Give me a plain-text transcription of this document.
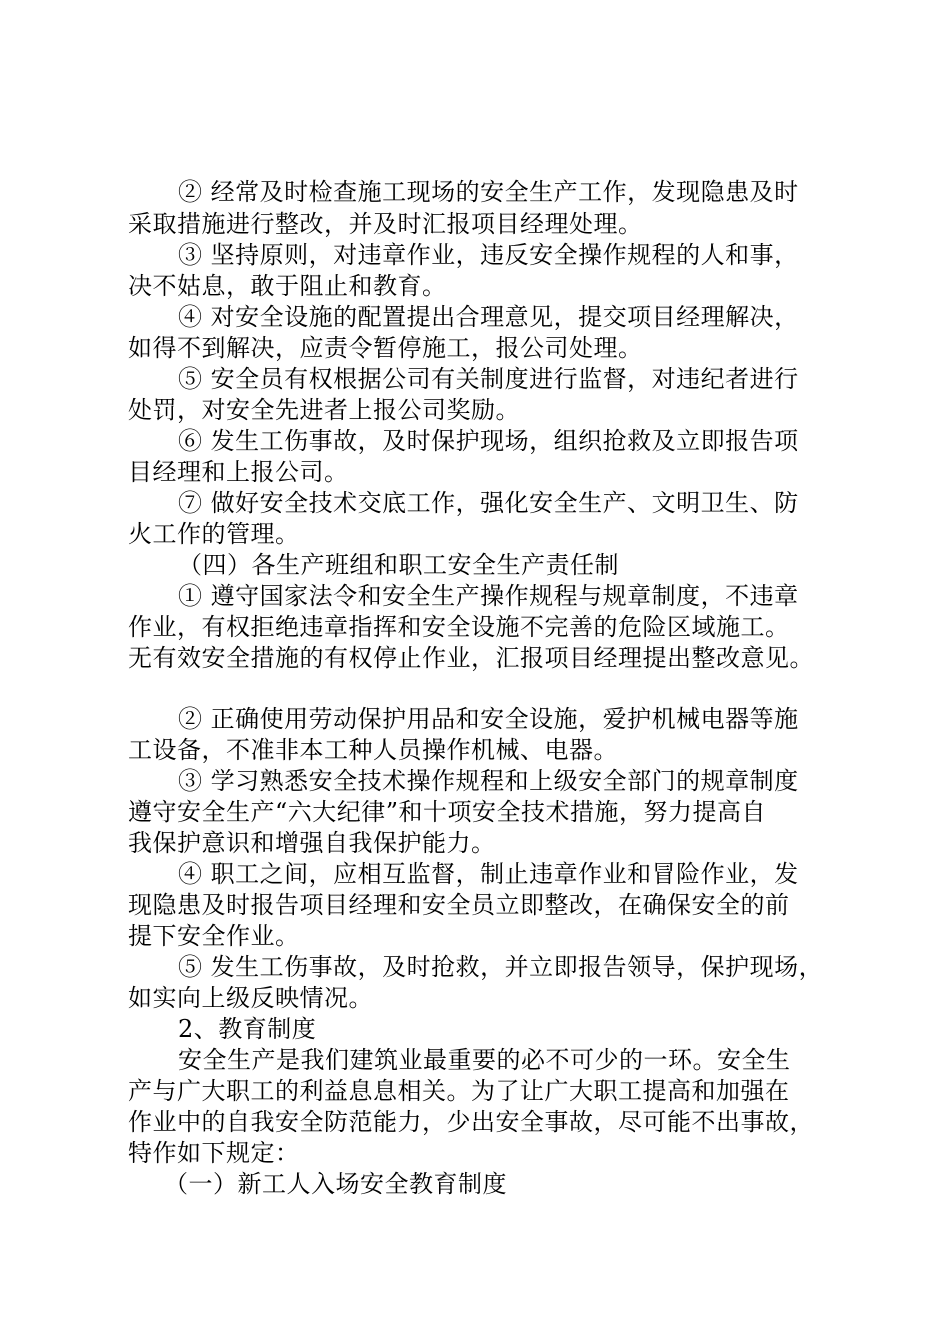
② 经常及时检查施工现场的安全生产工作，发现隐患及时
采取措施进行整改，并及时汇报项目经理处理。
③ 坚持原则，对违章作业，违反安全操作规程的人和事，
决不姑息，敢于阻止和教育。
④ 对安全设施的配置提出合理意见，提交项目经理解决，
如得不到解决，应责令暂停施工，报公司处理。
⑤ 安全员有权根据公司有关制度进行监督，对违纪者进行
处罚，对安全先进者上报公司奖励。
⑥ 发生工伤事故，及时保护现场，组织抢救及立即报告项
目经理和上报公司。
⑦ 做好安全技术交底工作，强化安全生产、文明卫生、防
火工作的管理。
（四）各生产班组和职工安全生产责任制
① 遵守国家法令和安全生产操作规程与规章制度，不违章
作业，有权拒绝违章指挥和安全设施不完善的危险区域施工。
无有效安全措施的有权停止作业，汇报项目经理提出整改意见。
② 正确使用劳动保护用品和安全设施，爱护机械电器等施
工设备，不准非本工种人员操作机械、电器。
③ 学习熟悉安全技术操作规程和上级安全部门的规章制度
遵守安全生产“六大纪律”和十项安全技术措施，努力提高自
我保护意识和增强自我保护能力。
④ 职工之间，应相互监督，制止违章作业和冒险作业，发
现隐患及时报告项目经理和安全员立即整改，在确保安全的前
提下安全作业。
⑤ 发生工伤事故，及时抢救，并立即报告领导，保护现场，
如实向上级反映情况。
2、教育制度
安全生产是我们建筑业最重要的必不可少的一环。安全生
产与广大职工的利益息息相关。为了让广大职工提高和加强在
作业中的自我安全防范能力，少出安全事故，尽可能不出事故，
特作如下规定：
（一）新工人入场安全教育制度
